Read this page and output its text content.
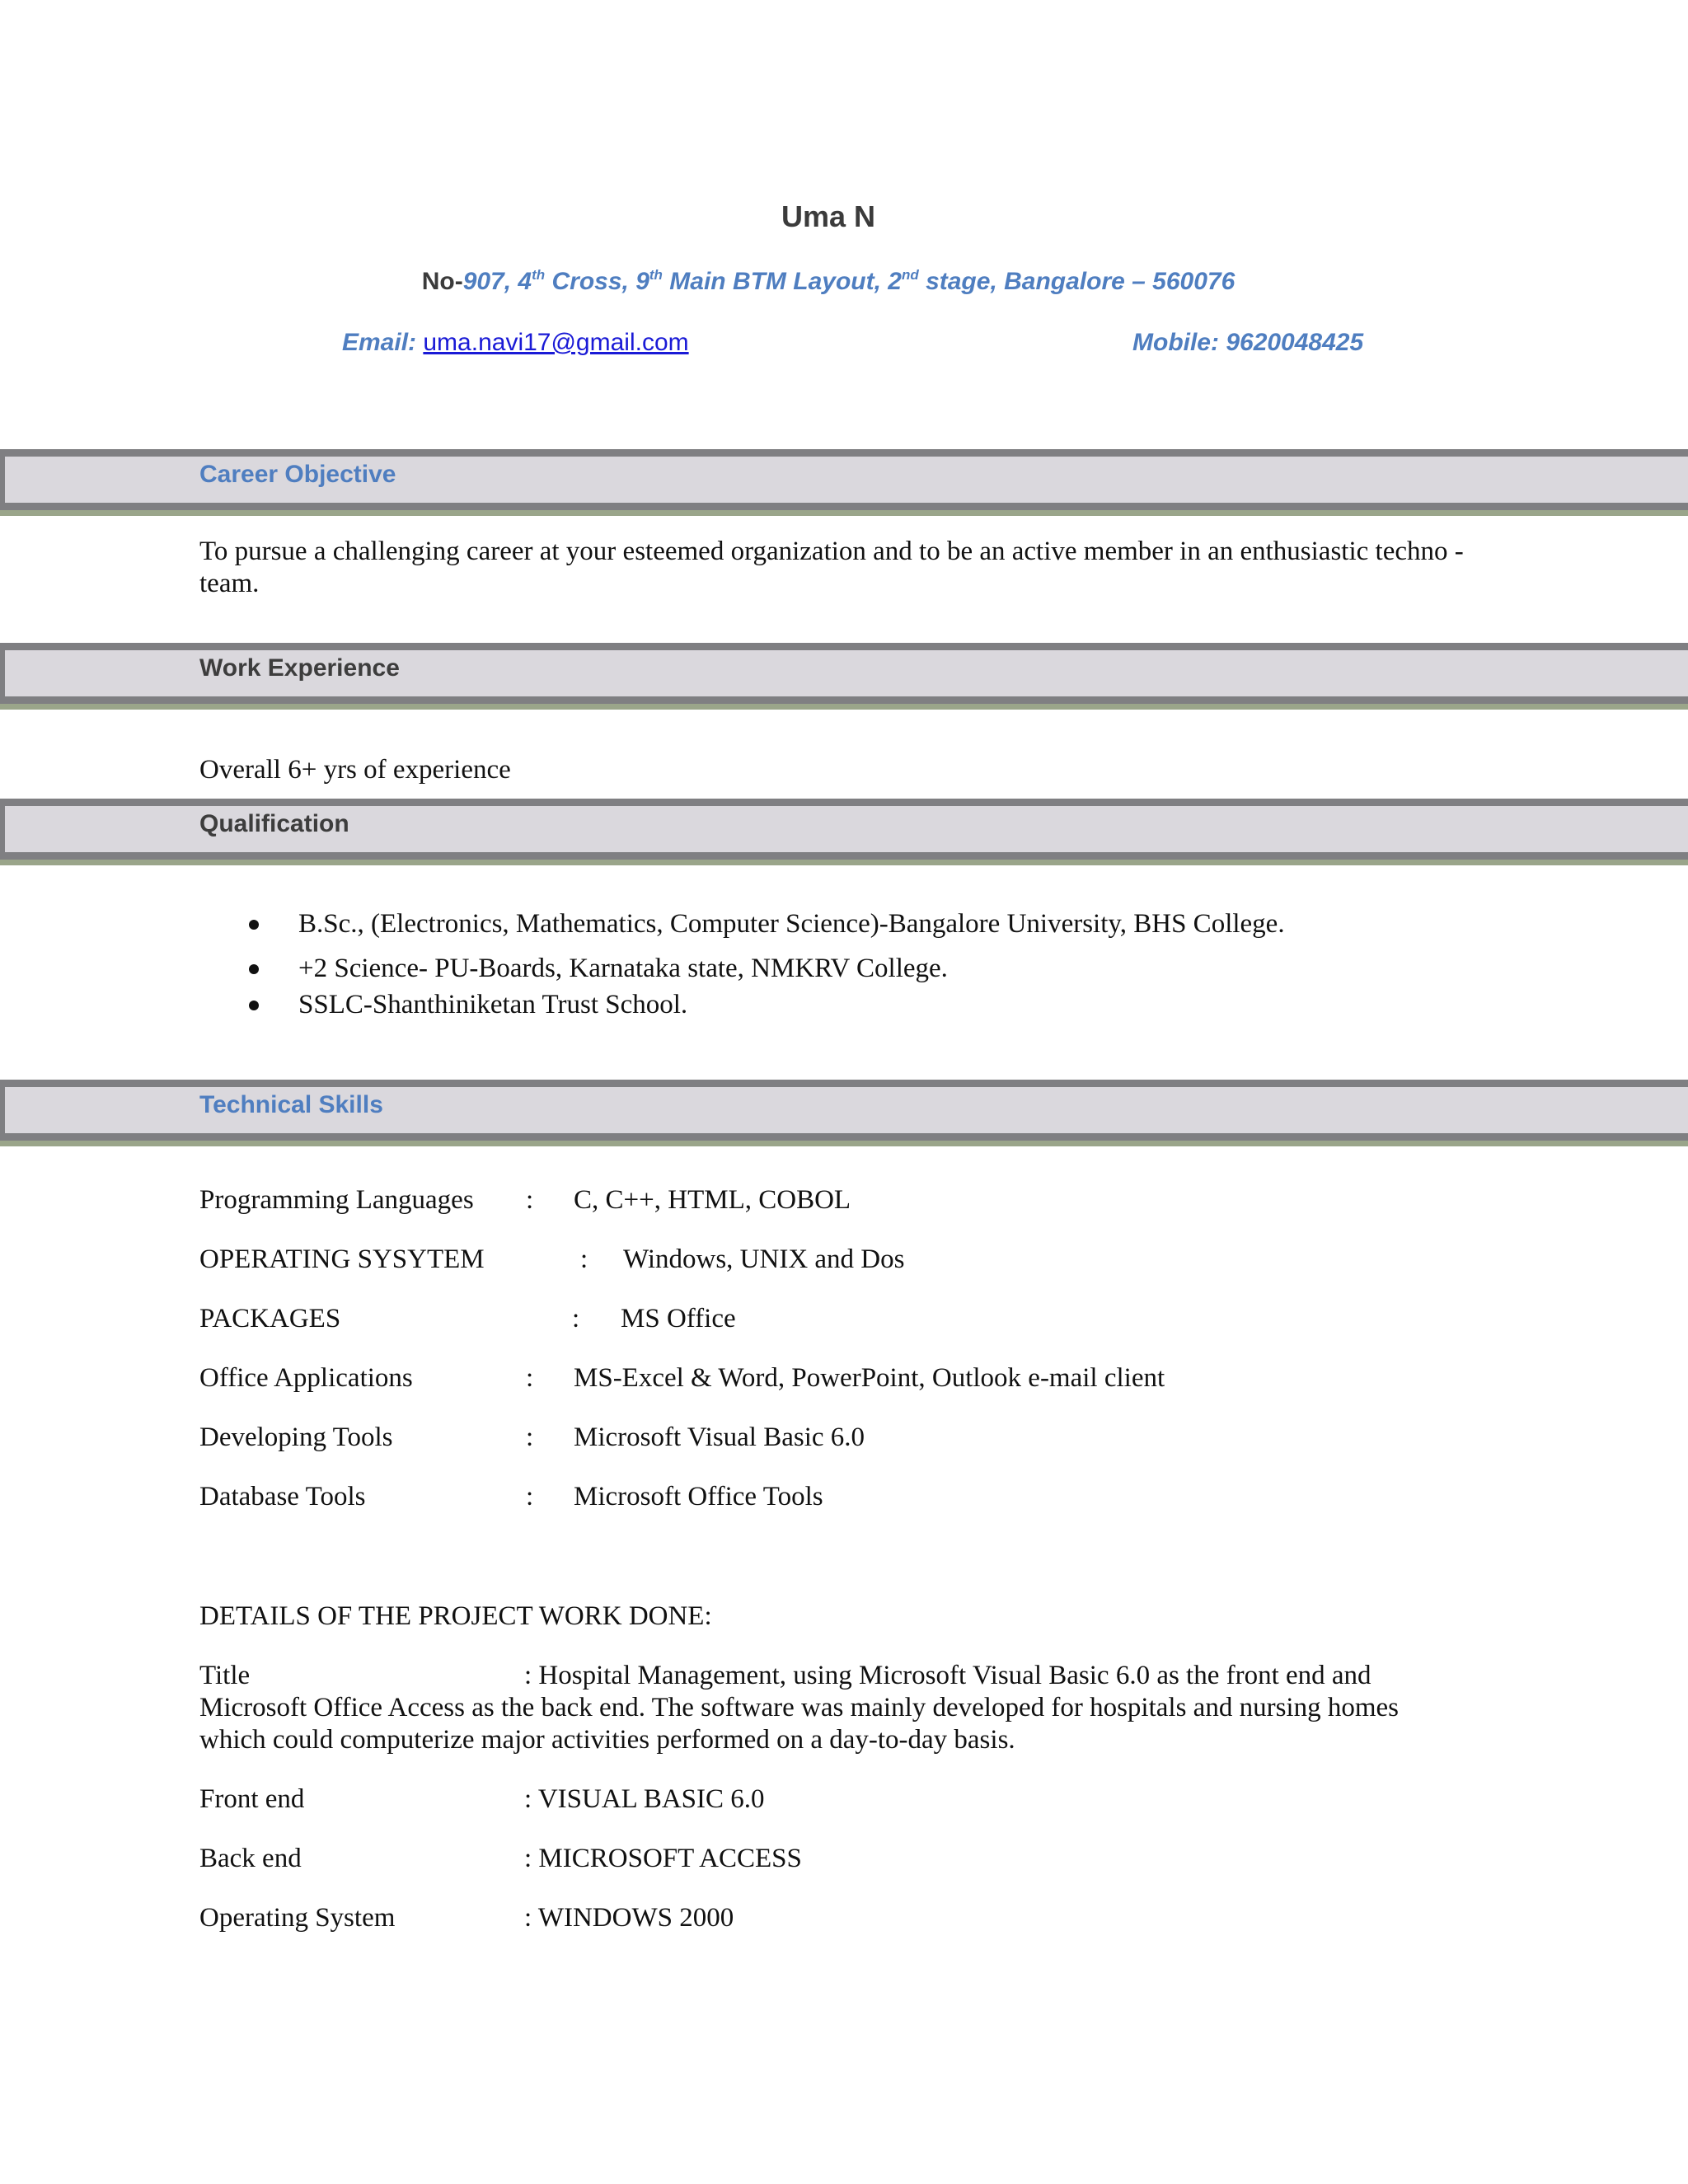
Uma N
No-907, 4th Cross, 9th Main BTM Layout, 2nd stage, Bangalore – 560076
Email: uma.navi17@gmail.com	Mobile: 9620048425
Career Objective
To pursue a challenging career at your esteemed organization and to be an active member in an enthusiastic techno -
team.
Work Experience
Overall 6+ yrs of experience
Qualification
B.Sc., (Electronics, Mathematics, Computer Science)-Bangalore University, BHS College.
+2 Science- PU-Boards, Karnataka state, NMKRV College.
SSLC-Shanthiniketan Trust School.
Technical Skills
Programming Languages : C, C++, HTML, COBOL
OPERATING SYSYTEM	: Windows, UNIX and Dos
PACKAGES	: MS Office
Office Applications	: MS-Excel & Word, PowerPoint, Outlook e-mail client
Developing Tools	: Microsoft Visual Basic 6.0
Database Tools	: Microsoft Office Tools
DETAILS OF THE PROJECT WORK DONE:
Title	: Hospital Management, using Microsoft Visual Basic 6.0 as the front end and
Microsoft Office Access as the back end. The software was mainly developed for hospitals and nursing homes
which could computerize major activities performed on a day-to-day basis.
Front end	: VISUAL BASIC 6.0
Back end	: MICROSOFT ACCESS
Operating System	: WINDOWS 2000
